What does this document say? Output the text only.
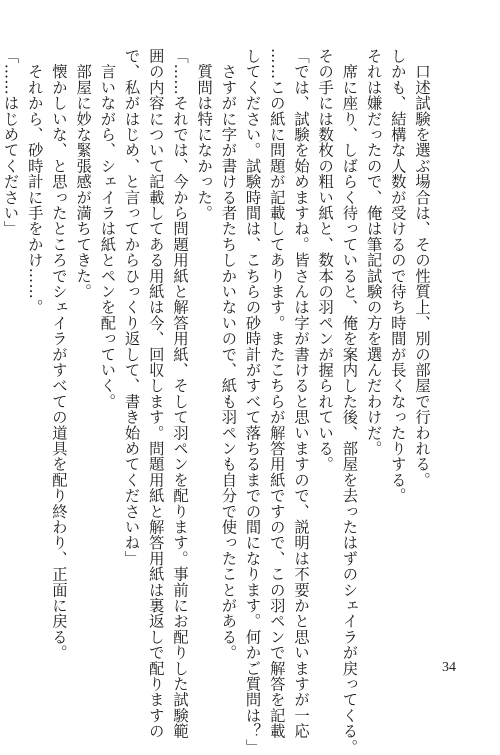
　口述試験を選ぶ場合は、その性質上、別の部屋で行われる。

しかも、結構な人数が受けるので待ち時間が長くなったりする。

それは嫌だったので、俺は筆記試験の方を選んだわけだ。

　席に座り、しばらく待っていると、俺を案内した後、部屋を去ったはずのシェイラが戻ってくる。

その手には数枚の粗い紙と、数本の羽ペンが握られている。

「では、試験を始めますね。皆さんは字が書けると思いますので、説明は不要かと思いますが一応

……この紙に問題が記載してあります。またこちらが解答用紙ですので、この羽ペンで解答を記載

してください。試験時間は、こちらの砂時計がすべて落ちるまでの間になります。何かご質問は？」

　さすがに字が書ける者たちしかいないので、紙も羽ペンも自分で使ったことがある。

　質問は特になかった。

「……それでは、今から問題用紙と解答用紙、そして羽ペンを配ります。事前にお配りした試験範

囲の内容について記載してある用紙は今、回収します。問題用紙と解答用紙は裏返しで配りますの

で、私がはじめ、と言ってからひっくり返して、書き始めてくださいね」

　言いながら、シェイラは紙とペンを配っていく。

　部屋に妙な緊張感が満ちてきた。

　懐かしいな、と思ったところでシェイラがすべての道具を配り終わり、正面に戻る。

　それから、砂時計に手をかけ……。

「……はじめてください」

34
